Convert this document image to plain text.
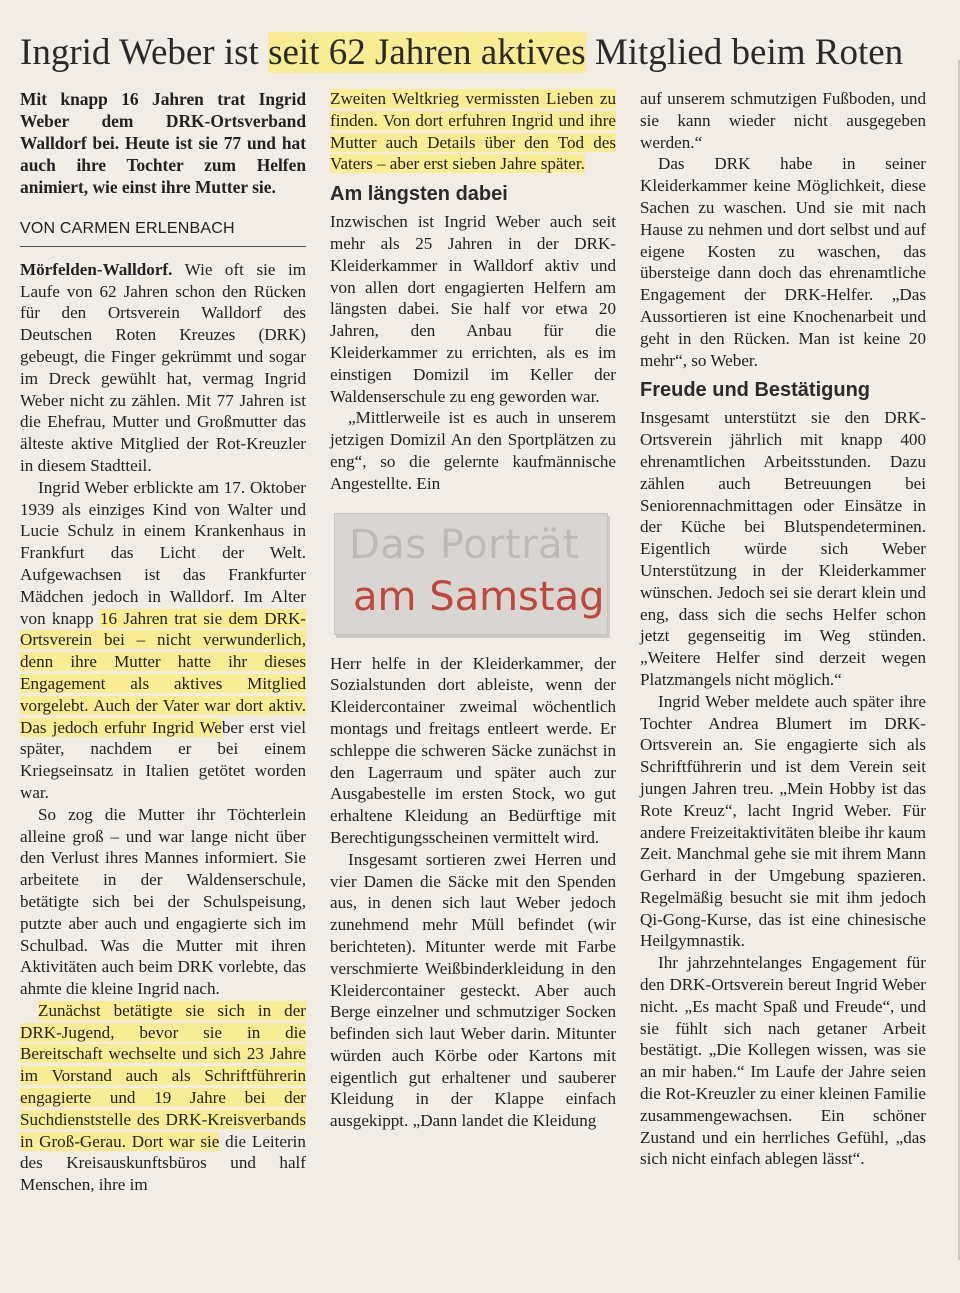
Ingrid Weber ist seit 62 Jahren aktives Mitglied beim Roten

Mit knapp 16 Jahren trat Ingrid Weber dem DRK-Ortsverband Walldorf bei. Heute ist sie 77 und hat auch ihre Tochter zum Helfen animiert, wie einst ihre Mutter sie.

VON CARMEN ERLENBACH

Mörfelden-Walldorf. Wie oft sie im Laufe von 62 Jahren schon den Rücken für den Ortsverein Walldorf des Deutschen Roten Kreuzes (DRK) gebeugt, die Finger gekrümmt und sogar im Dreck gewühlt hat, vermag Ingrid Weber nicht zu zählen. Mit 77 Jahren ist die Ehefrau, Mutter und Großmutter das älteste aktive Mitglied der Rot-Kreuzler in diesem Stadtteil.

Ingrid Weber erblickte am 17. Oktober 1939 als einziges Kind von Walter und Lucie Schulz in einem Krankenhaus in Frankfurt das Licht der Welt. Aufgewachsen ist das Frankfurter Mädchen jedoch in Walldorf. Im Alter von knapp 16 Jahren trat sie dem DRK-Ortsverein bei – nicht verwunderlich, denn ihre Mutter hatte ihr dieses Engagement als aktives Mitglied vorgelebt. Auch der Vater war dort aktiv. Das jedoch erfuhr Ingrid Weber erst viel später, nachdem er bei einem Kriegseinsatz in Italien getötet worden war.

So zog die Mutter ihr Töchterlein alleine groß – und war lange nicht über den Verlust ihres Mannes informiert. Sie arbeitete in der Waldenserschule, betätigte sich bei der Schulspeisung, putzte aber auch und engagierte sich im Schulbad. Was die Mutter mit ihren Aktivitäten auch beim DRK vorlebte, das ahmte die kleine Ingrid nach.

Zunächst betätigte sie sich in der DRK-Jugend, bevor sie in die Bereitschaft wechselte und sich 23 Jahre im Vorstand auch als Schriftführerin engagierte und 19 Jahre bei der Suchdienststelle des DRK-Kreisverbands in Groß-Gerau. Dort war sie die Leiterin des Kreisauskunftsbüros und half Menschen, ihre im

Zweiten Weltkrieg vermissten Lieben zu finden. Von dort erfuhren Ingrid und ihre Mutter auch Details über den Tod des Vaters – aber erst sieben Jahre später.

Am längsten dabei

Inzwischen ist Ingrid Weber auch seit mehr als 25 Jahren in der DRK-Kleiderkammer in Walldorf aktiv und von allen dort engagierten Helfern am längsten dabei. Sie half vor etwa 20 Jahren, den Anbau für die Kleiderkammer zu errichten, als es im einstigen Domizil im Keller der Waldenserschule zu eng geworden war.

„Mittlerweile ist es auch in unserem jetzigen Domizil An den Sportplätzen zu eng“, so die gelernte kaufmännische Angestellte. Ein

Das Porträt
am Samstag

Herr helfe in der Kleiderkammer, der Sozialstunden dort ableiste, wenn der Kleidercontainer zweimal wöchentlich montags und freitags entleert werde. Er schleppe die schweren Säcke zunächst in den Lagerraum und später auch zur Ausgabestelle im ersten Stock, wo gut erhaltene Kleidung an Bedürftige mit Berechtigungsscheinen vermittelt wird.

Insgesamt sortieren zwei Herren und vier Damen die Säcke mit den Spenden aus, in denen sich laut Weber jedoch zunehmend mehr Müll befindet (wir berichteten). Mitunter werde mit Farbe verschmierte Weißbinderkleidung in den Kleidercontainer gesteckt. Aber auch Berge einzelner und schmutziger Socken befinden sich laut Weber darin. Mitunter würden auch Körbe oder Kartons mit eigentlich gut erhaltener und sauberer Kleidung in der Klappe einfach ausgekippt. „Dann landet die Kleidung

auf unserem schmutzigen Fußboden, und sie kann wieder nicht ausgegeben werden.“

Das DRK habe in seiner Kleiderkammer keine Möglichkeit, diese Sachen zu waschen. Und sie mit nach Hause zu nehmen und dort selbst und auf eigene Kosten zu waschen, das übersteige dann doch das ehrenamtliche Engagement der DRK-Helfer. „Das Aussortieren ist eine Knochenarbeit und geht in den Rücken. Man ist keine 20 mehr“, so Weber.

Freude und Bestätigung

Insgesamt unterstützt sie den DRK-Ortsverein jährlich mit knapp 400 ehrenamtlichen Arbeitsstunden. Dazu zählen auch Betreuungen bei Seniorennachmittagen oder Einsätze in der Küche bei Blutspendeterminen. Eigentlich würde sich Weber Unterstützung in der Kleiderkammer wünschen. Jedoch sei sie derart klein und eng, dass sich die sechs Helfer schon jetzt gegenseitig im Weg stünden. „Weitere Helfer sind derzeit wegen Platzmangels nicht möglich.“

Ingrid Weber meldete auch später ihre Tochter Andrea Blumert im DRK-Ortsverein an. Sie engagierte sich als Schriftführerin und ist dem Verein seit jungen Jahren treu. „Mein Hobby ist das Rote Kreuz“, lacht Ingrid Weber. Für andere Freizeitaktivitäten bleibe ihr kaum Zeit. Manchmal gehe sie mit ihrem Mann Gerhard in der Umgebung spazieren. Regelmäßig besucht sie mit ihm jedoch Qi-Gong-Kurse, das ist eine chinesische Heilgymnastik.

Ihr jahrzehntelanges Engagement für den DRK-Ortsverein bereut Ingrid Weber nicht. „Es macht Spaß und Freude“, und sie fühlt sich nach getaner Arbeit bestätigt. „Die Kollegen wissen, was sie an mir haben.“ Im Laufe der Jahre seien die Rot-Kreuzler zu einer kleinen Familie zusammengewachsen. Ein schöner Zustand und ein herrliches Gefühl, „das sich nicht einfach ablegen lässt“.
